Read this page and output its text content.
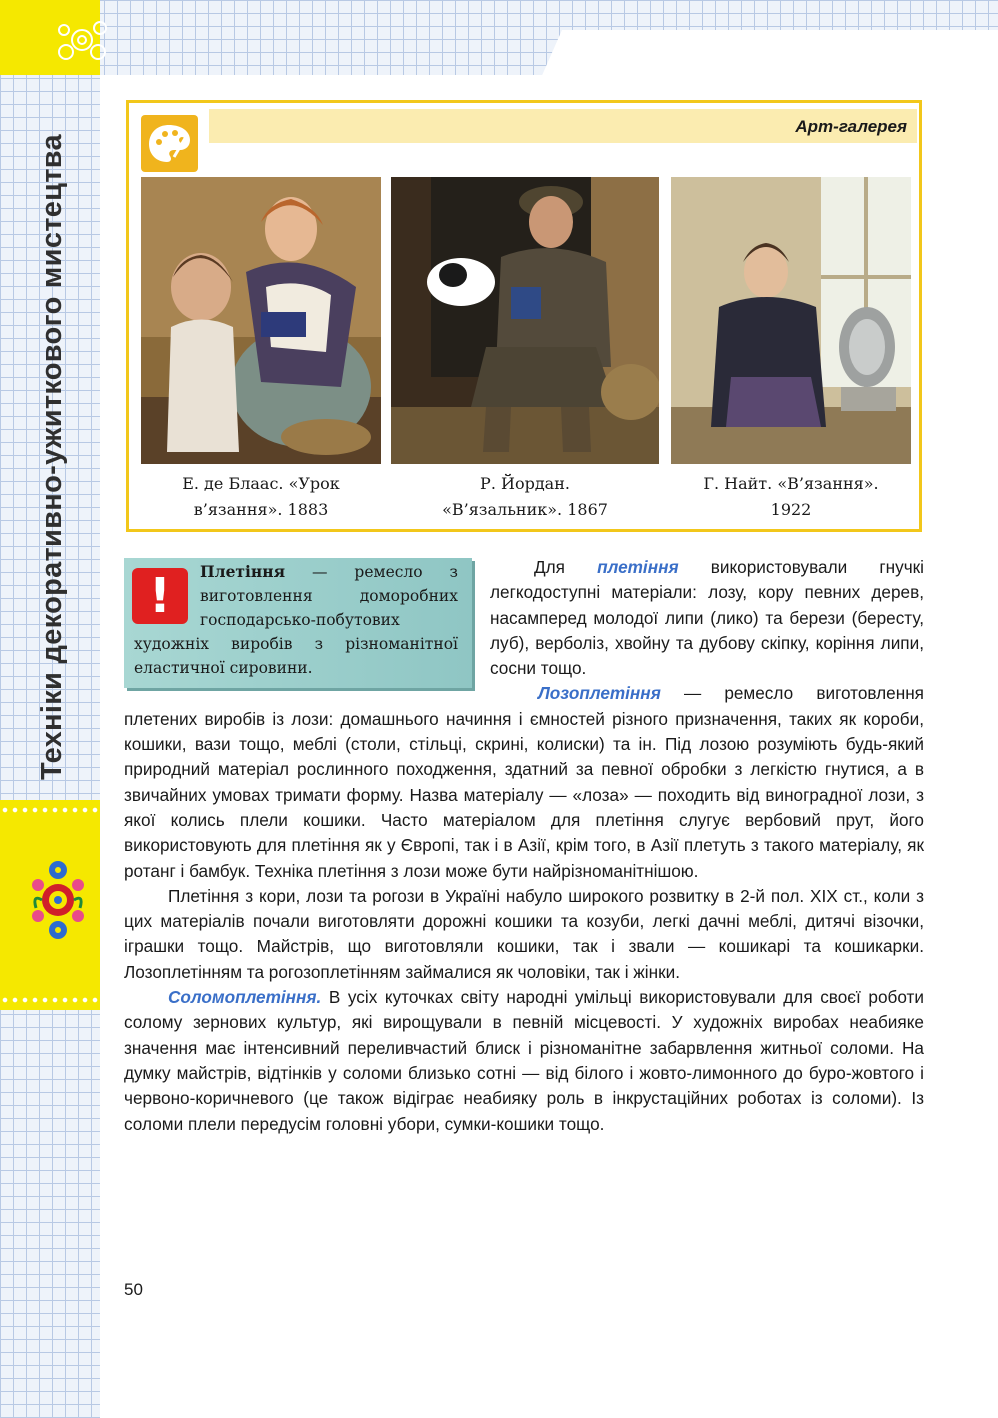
Техніки декоративно-ужиткового мистецтва
Арт-галерея
Е. де Блаас. «Урок
в’язання». 1883
Р. Йордан.
«В’язальник». 1867
Г. Найт. «В’язання».
1922
!	Плетіння — ремесло з виготовлення доморобних господарсько-побутових художніх виробів з різноманітної еластичної сировини.

Для плетіння використовували гнучкі легкодоступні матеріали: лозу, кору певних дерев, насамперед молодої липи (лико) та берези (бересту, луб), верболіз, хвойну та дубову скіпку, коріння липи, сосни тощо.

Лозоплетіння — ремесло виготовлення плетених виробів із лози: домашнього начиння і ємностей різного призначення, таких як короби, кошики, вази тощо, меблі (столи, стільці, скрині, колиски) та ін. Під лозою розуміють будь-який природний матеріал рослинного походження, здатний за певної обробки з легкістю гнутися, а в звичайних умовах тримати форму. Назва матеріалу — «лоза» — походить від виноградної лози, з якої колись плели кошики. Часто матеріалом для плетіння слугує вербовий прут, його використовують для плетіння як у Європі, так і в Азії, крім того, в Азії плетуть з такого матеріалу, як ротанг і бамбук. Техніка плетіння з лози може бути найрізноманітнішою.

Плетіння з кори, лози та рогози в Україні набуло широкого розвитку в 2-й пол. XIX ст., коли з цих матеріалів почали виготовляти дорожні кошики та козуби, легкі дачні меблі, дитячі візочки, іграшки тощо. Майстрів, що виготовляли кошики, так і звали — кошикарі та кошикарки. Лозоплетінням та рогозоплетінням займалися як чоловіки, так і жінки.

Соломоплетіння. В усіх куточках світу народні умільці використовували для своєї роботи солому зернових культур, які вирощували в певній місцевості. У художніх виробах неабияке значення має інтенсивний переливчастий блиск і різноманітне забарвлення житньої соломи. На думку майстрів, відтінків у соломи близько сотні — від білого і жовто-лимонного до буро-жовтого і червоно-коричневого (це також відіграє неабияку роль в інкрустаційних роботах із соломи). Із соломи плели передусім головні убори, сумки-кошики тощо.

50
